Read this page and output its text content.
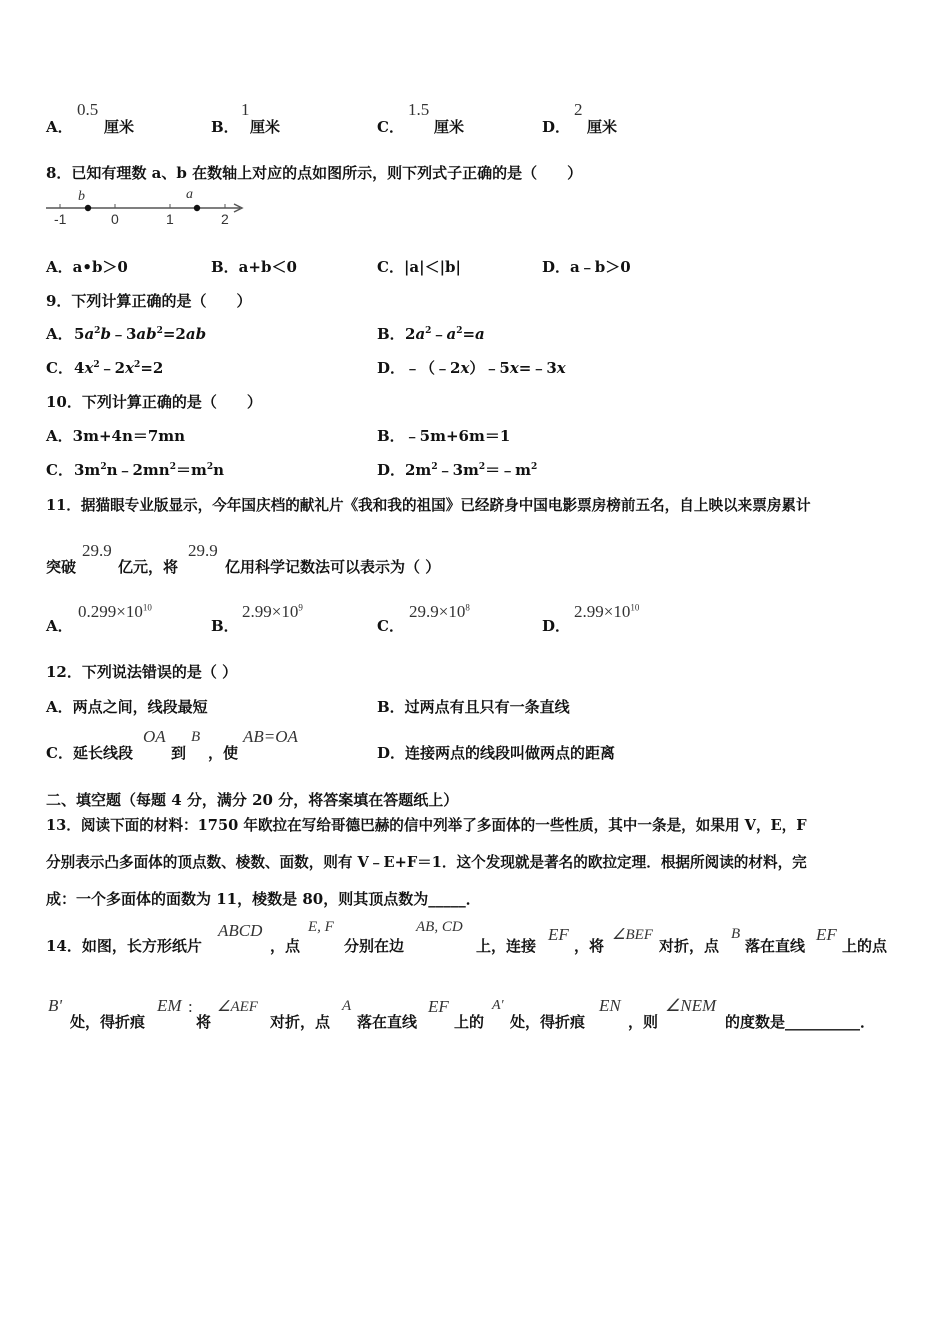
A．
0.5
厘米	B．
1
厘米	C．
1.5
厘米	D．
2
厘米
8．已知有理数 a、b 在数轴上对应的点如图所示，则下列式子正确的是（　　）
-1	0	1	2
b	a
A．a•b＞0	B．a+b＜0	C．|a|＜|b|	D．a﹣b＞0
9．下列计算正确的是（　　）
A． $5a^2b﹣3ab^2=2ab$	B． $2a^2﹣a^2=a$
C． $4x^2﹣2x^2=2$	D． ﹣（﹣2x）﹣5x=﹣3x
10．下列计算正确的是（　　）
A．3m+4n＝7mn	B．﹣5m+6m＝1
C． $3m^2n﹣2mn^2=m^2n$	D． $2m^2﹣3m^2=﹣m^2$
11．据猫眼专业版显示，今年国庆档的献礼片《我和我的祖国》已经跻身中国电影票房榜前五名，自上映以来票房累计
突破
29.9
亿元，将
29.9
亿用科学记数法可以表示为（ ）
A．
$0.299\times 10^{10}$
B．
$2.99\times 10^9$
C．
$29.9\times 10^8$
D．
$2.99\times 10^{10}$
12．下列说法错误的是（ ）
A．两点之间，线段最短	B．过两点有且只有一条直线
C．延长线段
OA
到
B
，使
AB=OA
D．连接两点的线段叫做两点的距离
二、填空题（每题 4 分，满分 20 分，将答案填在答题纸上）
13．阅读下面的材料：1750 年欧拉在写给哥德巴赫的信中列举了多面体的一些性质，其中一条是，如果用 V，E，F
分别表示凸多面体的顶点数、棱数、面数，则有 V﹣E+F＝1．这个发现就是著名的欧拉定理．根据所阅读的材料，完
成：一个多面体的面数为 11，棱数是 80，则其顶点数为_____．
14．如图，长方形纸片
ABCD
，点
E, F
分别在边
AB, CD
上，连接
EF
，将
∠BEF
对折，点
B
落在直线
EF
上的点
B'
处，得折痕
EM :
将
∠AEF
对折，点
A
落在直线
EF
上的
A′
处，得折痕
EN
，则
∠NEM
的度数是__________．
